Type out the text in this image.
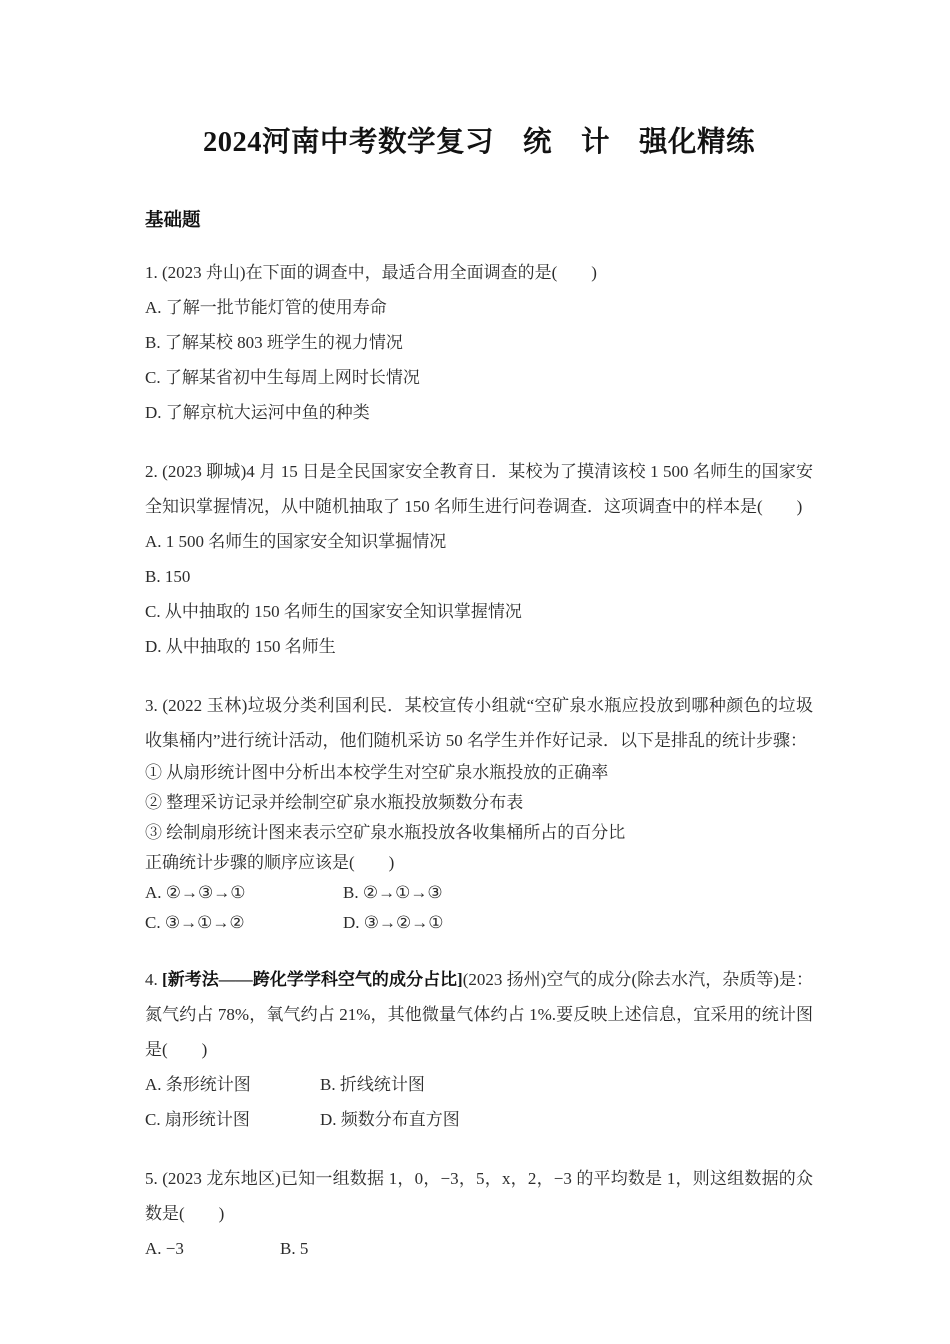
2024河南中考数学复习　统　计　强化精练
基础题
1. (2023 舟山)在下面的调查中，最适合用全面调查的是(　　)
A. 了解一批节能灯管的使用寿命
B. 了解某校 803 班学生的视力情况
C. 了解某省初中生每周上网时长情况
D. 了解京杭大运河中鱼的种类
2. (2023 聊城)4 月 15 日是全民国家安全教育日．某校为了摸清该校 1 500 名师生的国家安全知识掌握情况，从中随机抽取了 150 名师生进行问卷调查．这项调查中的样本是(　　)
A. 1 500 名师生的国家安全知识掌掘情况
B. 150
C. 从中抽取的 150 名师生的国家安全知识掌握情况
D. 从中抽取的 150 名师生
3. (2022 玉林)垃圾分类利国利民．某校宣传小组就“空矿泉水瓶应投放到哪种颜色的垃圾收集桶内”进行统计活动，他们随机采访 50 名学生并作好记录．以下是排乱的统计步骤：
① 从扇形统计图中分析出本校学生对空矿泉水瓶投放的正确率
② 整理采访记录并绘制空矿泉水瓶投放频数分布表
③ 绘制扇形统计图来表示空矿泉水瓶投放各收集桶所占的百分比
正确统计步骤的顺序应该是(　　)
A. ②→③→①	B. ②→①→③
C. ③→①→②	D. ③→②→①
4. [新考法——跨化学学科空气的成分占比](2023 扬州)空气的成分(除去水汽，杂质等)是：氮气约占 78%，氧气约占 21%，其他微量气体约占 1%.要反映上述信息，宜采用的统计图是(　　)
A. 条形统计图	B. 折线统计图
C. 扇形统计图	D. 频数分布直方图
5. (2023 龙东地区)已知一组数据 1，0，−3，5，x，2，−3 的平均数是 1，则这组数据的众数是(　　)
A. −3	B. 5
